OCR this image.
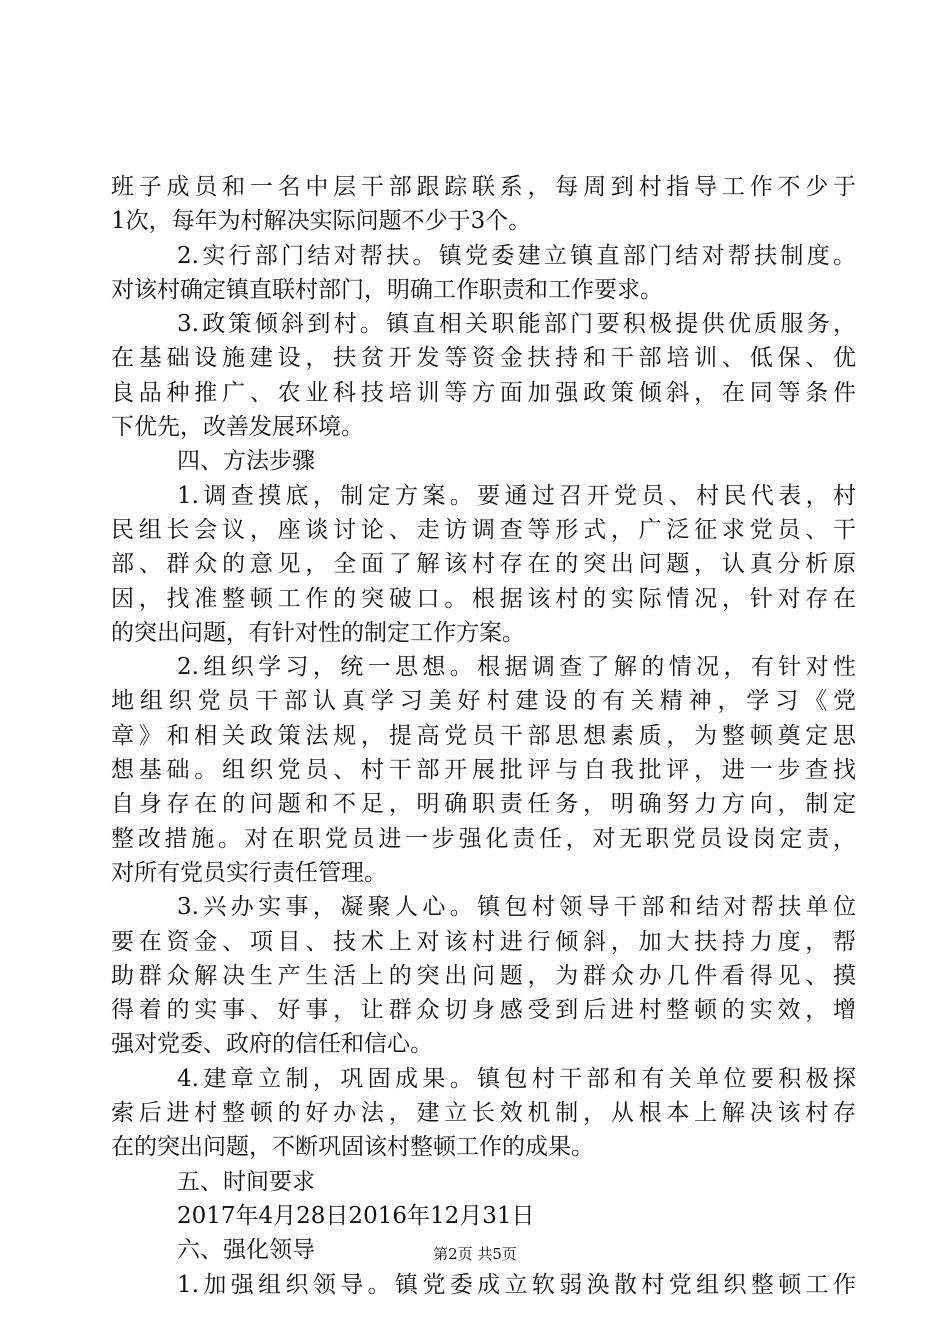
班子成员和一名中层干部跟踪联系，每周到村指导工作不少于
1次，每年为村解决实际问题不少于3个。
2.实行部门结对帮扶。镇党委建立镇直部门结对帮扶制度。
对该村确定镇直联村部门，明确工作职责和工作要求。
3.政策倾斜到村。镇直相关职能部门要积极提供优质服务，
在基础设施建设，扶贫开发等资金扶持和干部培训、低保、优
良品种推广、农业科技培训等方面加强政策倾斜，在同等条件
下优先，改善发展环境。
四、方法步骤
1.调查摸底，制定方案。要通过召开党员、村民代表，村
民组长会议，座谈讨论、走访调查等形式，广泛征求党员、干
部、群众的意见，全面了解该村存在的突出问题，认真分析原
因，找准整顿工作的突破口。根据该村的实际情况，针对存在
的突出问题，有针对性的制定工作方案。
2.组织学习，统一思想。根据调查了解的情况，有针对性
地组织党员干部认真学习美好村建设的有关精神，学习《党
章》和相关政策法规，提高党员干部思想素质，为整顿奠定思
想基础。组织党员、村干部开展批评与自我批评，进一步查找
自身存在的问题和不足，明确职责任务，明确努力方向，制定
整改措施。对在职党员进一步强化责任，对无职党员设岗定责，
对所有党员实行责任管理。
3.兴办实事，凝聚人心。镇包村领导干部和结对帮扶单位
要在资金、项目、技术上对该村进行倾斜，加大扶持力度，帮
助群众解决生产生活上的突出问题，为群众办几件看得见、摸
得着的实事、好事，让群众切身感受到后进村整顿的实效，增
强对党委、政府的信任和信心。
4.建章立制，巩固成果。镇包村干部和有关单位要积极探
索后进村整顿的好办法，建立长效机制，从根本上解决该村存
在的突出问题，不断巩固该村整顿工作的成果。
五、时间要求
2017年4月28日2016年12月31日
六、强化领导
1.加强组织领导。镇党委成立软弱涣散村党组织整顿工作
第2页 共5页
